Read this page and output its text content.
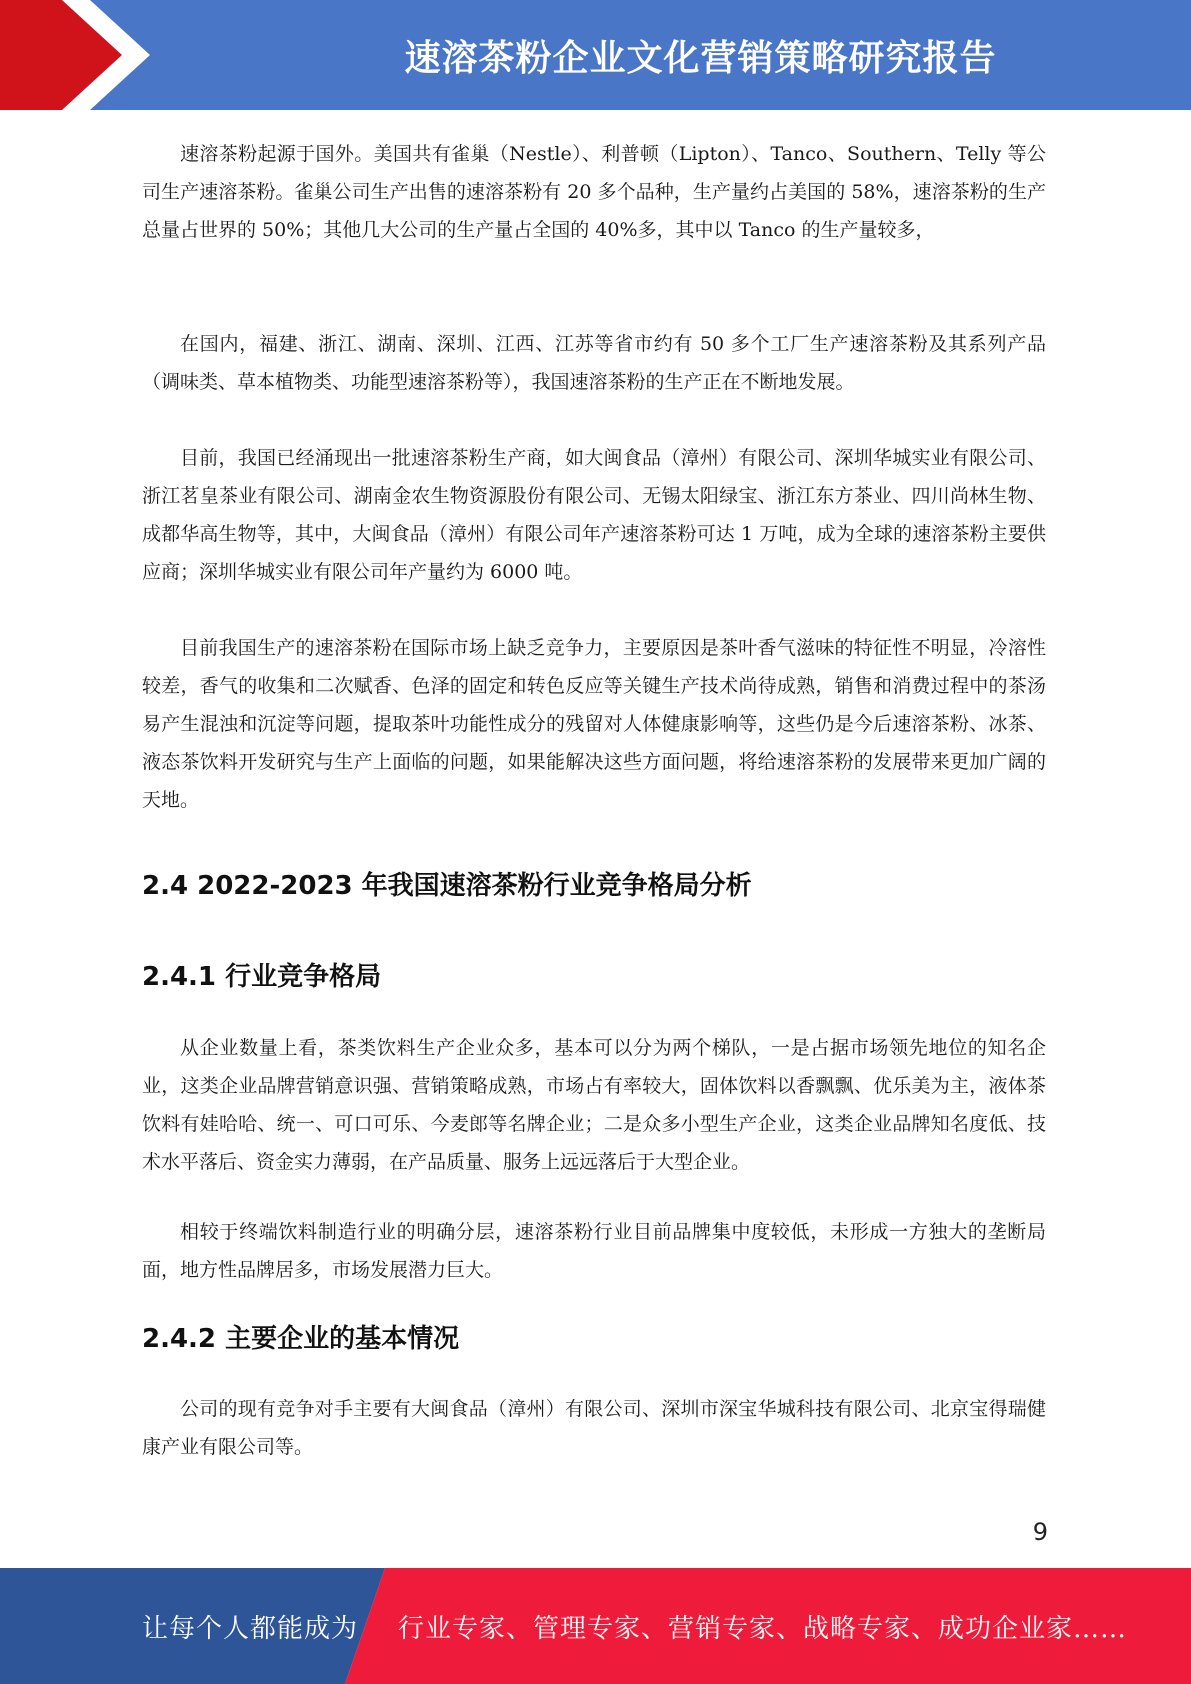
速溶茶粉企业文化营销策略研究报告

速溶茶粉起源于国外。美国共有雀巢（Nestle）、利普顿（Lipton）、Tanco、Southern、Telly 等公司生产速溶茶粉。雀巢公司生产出售的速溶茶粉有 20 多个品种，生产量约占美国的 58%，速溶茶粉的生产总量占世界的 50%；其他几大公司的生产量占全国的 40%多，其中以 Tanco 的生产量较多，

在国内，福建、浙江、湖南、深圳、江西、江苏等省市约有 50 多个工厂生产速溶茶粉及其系列产品（调味类、草本植物类、功能型速溶茶粉等），我国速溶茶粉的生产正在不断地发展。

目前，我国已经涌现出一批速溶茶粉生产商，如大闽食品（漳州）有限公司、深圳华城实业有限公司、浙江茗皇茶业有限公司、湖南金农生物资源股份有限公司、无锡太阳绿宝、浙江东方茶业、四川尚林生物、成都华高生物等，其中，大闽食品（漳州）有限公司年产速溶茶粉可达 1 万吨，成为全球的速溶茶粉主要供应商；深圳华城实业有限公司年产量约为 6000 吨。

目前我国生产的速溶茶粉在国际市场上缺乏竞争力，主要原因是茶叶香气滋味的特征性不明显，冷溶性较差，香气的收集和二次赋香、色泽的固定和转色反应等关键生产技术尚待成熟，销售和消费过程中的茶汤易产生混浊和沉淀等问题，提取茶叶功能性成分的残留对人体健康影响等，这些仍是今后速溶茶粉、冰茶、液态茶饮料开发研究与生产上面临的问题，如果能解决这些方面问题，将给速溶茶粉的发展带来更加广阔的天地。

2.4 2022-2023 年我国速溶茶粉行业竞争格局分析
2.4.1 行业竞争格局

从企业数量上看，茶类饮料生产企业众多，基本可以分为两个梯队，一是占据市场领先地位的知名企业，这类企业品牌营销意识强、营销策略成熟，市场占有率较大，固体饮料以香飘飘、优乐美为主，液体茶饮料有娃哈哈、统一、可口可乐、今麦郎等名牌企业；二是众多小型生产企业，这类企业品牌知名度低、技术水平落后、资金实力薄弱，在产品质量、服务上远远落后于大型企业。

相较于终端饮料制造行业的明确分层，速溶茶粉行业目前品牌集中度较低，未形成一方独大的垄断局面，地方性品牌居多，市场发展潜力巨大。

2.4.2 主要企业的基本情况

公司的现有竞争对手主要有大闽食品（漳州）有限公司、深圳市深宝华城科技有限公司、北京宝得瑞健康产业有限公司等。

9
让每个人都能成为 行业专家、管理专家、营销专家、战略专家、成功企业家……
